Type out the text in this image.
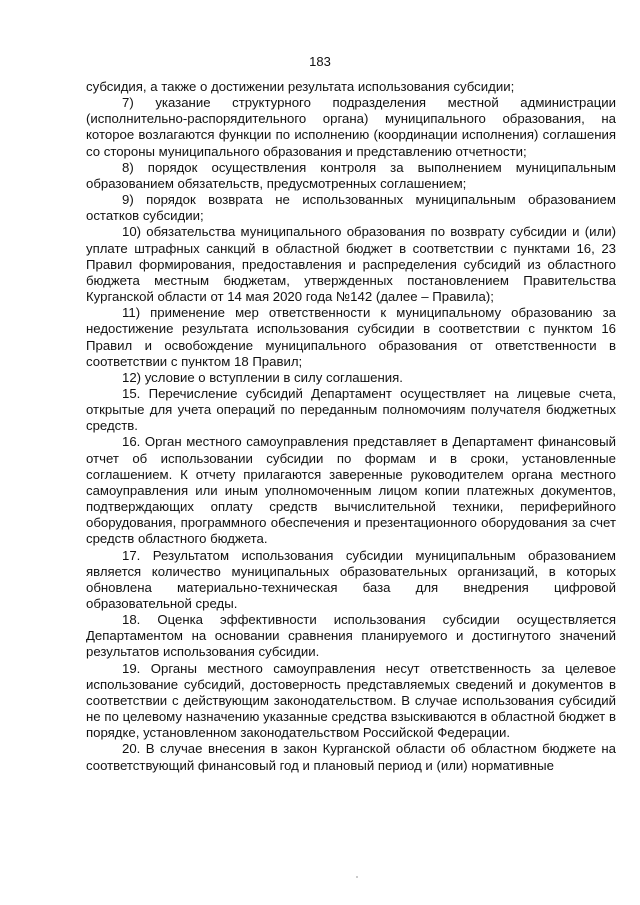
183

субсидия, а также о достижении результата использования субсидии;

7) указание структурного подразделения местной администрации (исполнительно-распорядительного органа) муниципального образования, на которое возлагаются функции по исполнению (координации исполнения) соглашения со стороны муниципального образования и представлению отчетности;

8) порядок осуществления контроля за выполнением муниципальным образованием обязательств, предусмотренных соглашением;

9) порядок возврата не использованных муниципальным образованием остатков субсидии;

10) обязательства муниципального образования по возврату субсидии и (или) уплате штрафных санкций в областной бюджет в соответствии с пунктами 16, 23 Правил формирования, предоставления и распределения субсидий из областного бюджета местным бюджетам, утвержденных постановлением Правительства Курганской области от 14 мая 2020 года №142 (далее – Правила);

11) применение мер ответственности к муниципальному образованию за недостижение результата использования субсидии в соответствии с пунктом 16 Правил и освобождение муниципального образования от ответственности в соответствии с пунктом 18 Правил;

12) условие о вступлении в силу соглашения.

15. Перечисление субсидий Департамент осуществляет на лицевые счета, открытые для учета операций по переданным полномочиям получателя бюджетных средств.

16. Орган местного самоуправления представляет в Департамент финансовый отчет об использовании субсидии по формам и в сроки, установленные соглашением. К отчету прилагаются заверенные руководителем органа местного самоуправления или иным уполномоченным лицом копии платежных документов, подтверждающих оплату средств вычислительной техники, периферийного оборудования, программного обеспечения и презентационного оборудования за счет средств областного бюджета.

17. Результатом использования субсидии муниципальным образованием является количество муниципальных образовательных организаций, в которых обновлена материально-техническая база для внедрения цифровой образовательной среды.

18. Оценка эффективности использования субсидии осуществляется Департаментом на основании сравнения планируемого и достигнутого значений результатов использования субсидии.

19. Органы местного самоуправления несут ответственность за целевое использование субсидий, достоверность представляемых сведений и документов в соответствии с действующим законодательством. В случае использования субсидий не по целевому назначению указанные средства взыскиваются в областной бюджет в порядке, установленном законодательством Российской Федерации.

20. В случае внесения в закон Курганской области об областном бюджете на соответствующий финансовый год и плановый период и (или) нормативные
